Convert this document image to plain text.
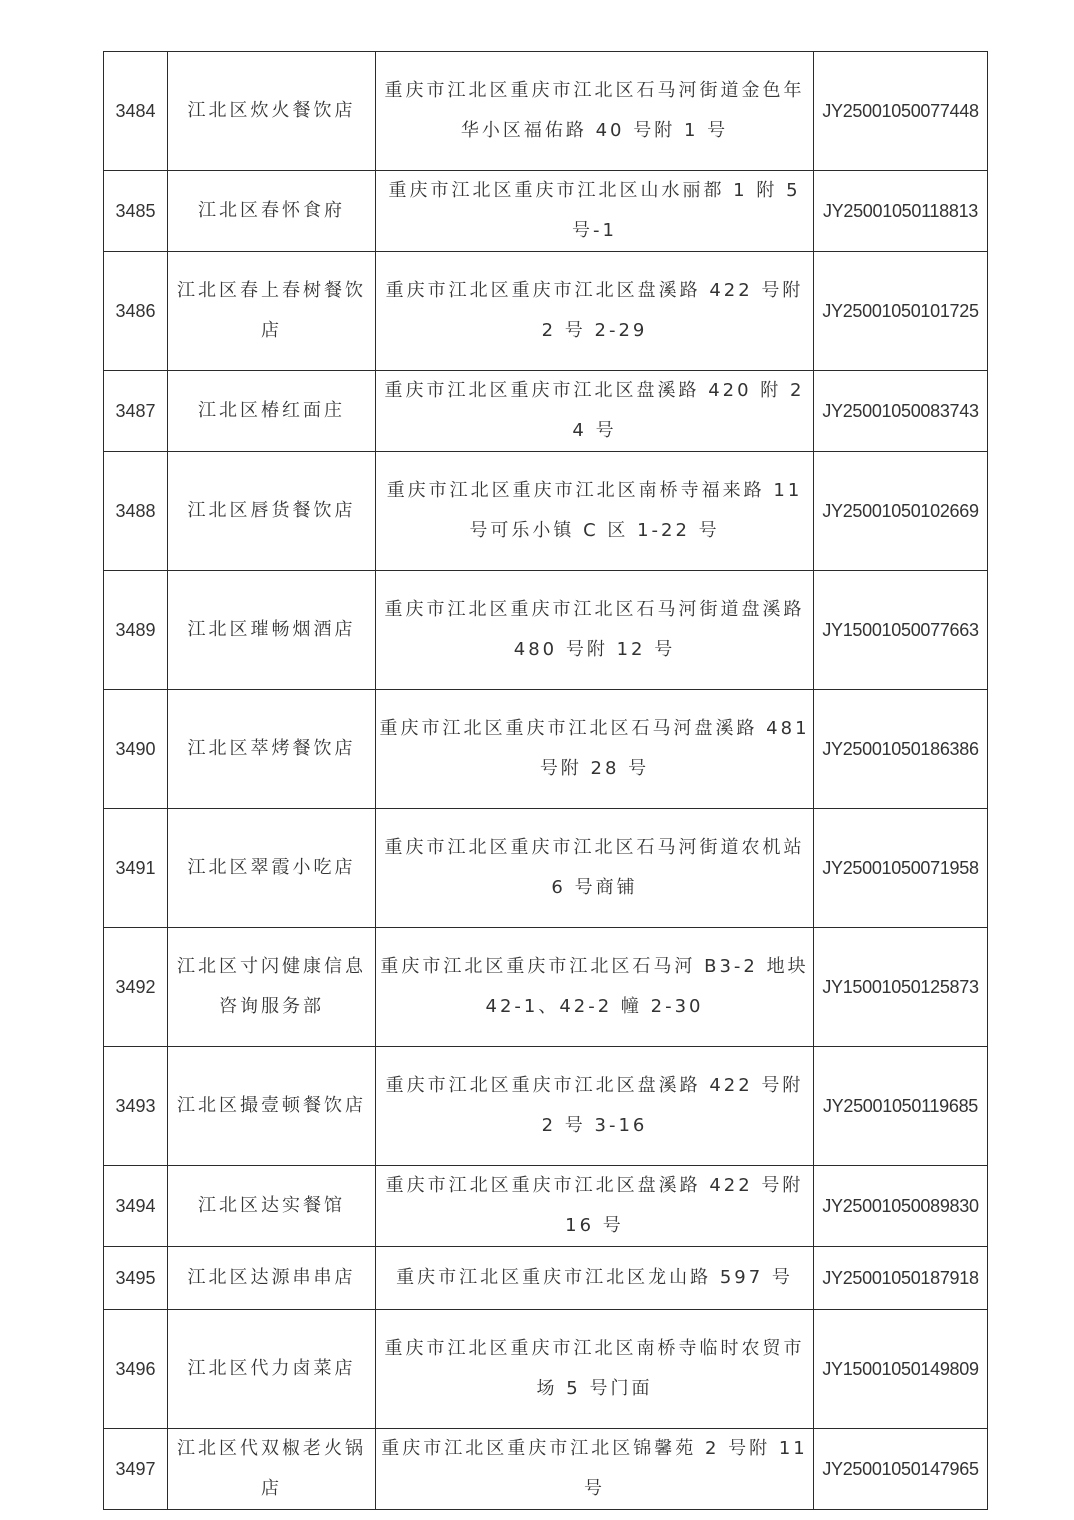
3484	江北区炊火餐饮店	重庆市江北区重庆市江北区石马河街道金色年华小区福佑路 40 号附 1 号	JY25001050077448
3485	江北区春怀食府	重庆市江北区重庆市江北区山水丽都 1 附 5 号-1	JY25001050118813
3486	江北区春上春树餐饮店	重庆市江北区重庆市江北区盘溪路 422 号附 2 号 2-29	JY25001050101725
3487	江北区椿红面庄	重庆市江北区重庆市江北区盘溪路 420 附 24 号	JY25001050083743
3488	江北区唇货餐饮店	重庆市江北区重庆市江北区南桥寺福来路 11 号可乐小镇 C 区 1-22 号	JY25001050102669
3489	江北区璀畅烟酒店	重庆市江北区重庆市江北区石马河街道盘溪路 480 号附 12 号	JY15001050077663
3490	江北区萃烤餐饮店	重庆市江北区重庆市江北区石马河盘溪路 481 号附 28 号	JY25001050186386
3491	江北区翠霞小吃店	重庆市江北区重庆市江北区石马河街道农机站 6 号商铺	JY25001050071958
3492	江北区寸闪健康信息咨询服务部	重庆市江北区重庆市江北区石马河 B3-2 地块 42-1、42-2 幢 2-30	JY15001050125873
3493	江北区撮壹顿餐饮店	重庆市江北区重庆市江北区盘溪路 422 号附 2 号 3-16	JY25001050119685
3494	江北区达实餐馆	重庆市江北区重庆市江北区盘溪路 422 号附 16 号	JY25001050089830
3495	江北区达源串串店	重庆市江北区重庆市江北区龙山路 597 号	JY25001050187918
3496	江北区代力卤菜店	重庆市江北区重庆市江北区南桥寺临时农贸市场 5 号门面	JY15001050149809
3497	江北区代双椒老火锅店	重庆市江北区重庆市江北区锦馨苑 2 号附 11 号	JY25001050147965
